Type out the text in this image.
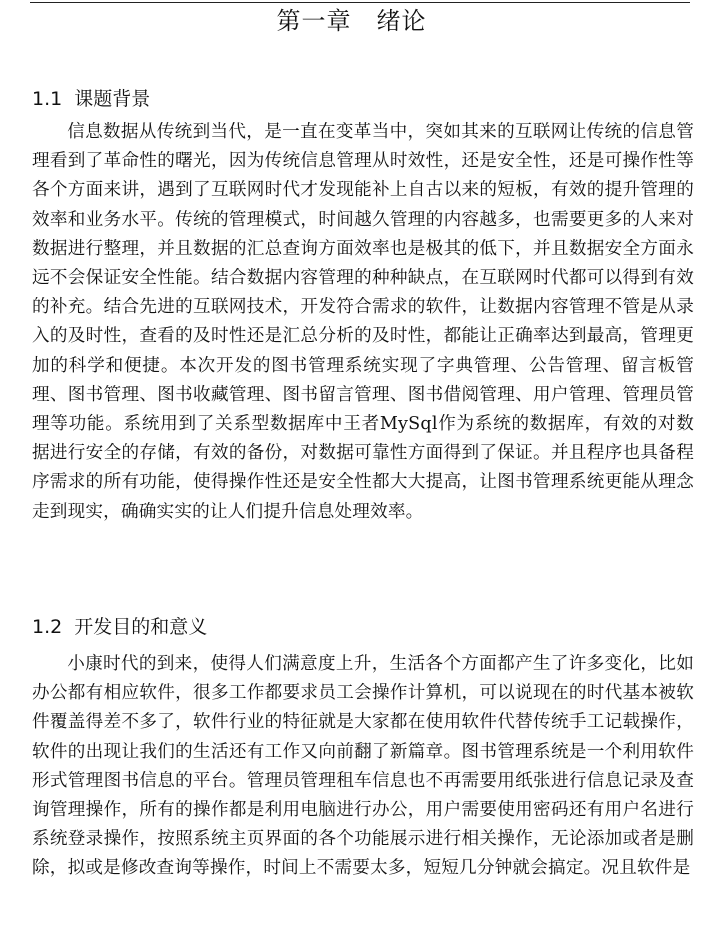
第一章　绪论
1.1  课题背景

信息数据从传统到当代，是一直在变革当中，突如其来的互联网让传统的信息管理看到了革命性的曙光，因为传统信息管理从时效性，还是安全性，还是可操作性等各个方面来讲，遇到了互联网时代才发现能补上自古以来的短板，有效的提升管理的效率和业务水平。传统的管理模式，时间越久管理的内容越多，也需要更多的人来对数据进行整理，并且数据的汇总查询方面效率也是极其的低下，并且数据安全方面永远不会保证安全性能。结合数据内容管理的种种缺点，在互联网时代都可以得到有效的补充。结合先进的互联网技术，开发符合需求的软件，让数据内容管理不管是从录入的及时性，查看的及时性还是汇总分析的及时性，都能让正确率达到最高，管理更加的科学和便捷。本次开发的图书管理系统实现了字典管理、公告管理、留言板管理、图书管理、图书收藏管理、图书留言管理、图书借阅管理、用户管理、管理员管理等功能。系统用到了关系型数据库中王者MySql作为系统的数据库，有效的对数据进行安全的存储，有效的备份，对数据可靠性方面得到了保证。并且程序也具备程序需求的所有功能，使得操作性还是安全性都大大提高，让图书管理系统更能从理念走到现实，确确实实的让人们提升信息处理效率。

1.2  开发目的和意义

小康时代的到来，使得人们满意度上升，生活各个方面都产生了许多变化，比如办公都有相应软件，很多工作都要求员工会操作计算机，可以说现在的时代基本被软件覆盖得差不多了，软件行业的特征就是大家都在使用软件代替传统手工记载操作，软件的出现让我们的生活还有工作又向前翻了新篇章。图书管理系统是一个利用软件形式管理图书信息的平台。管理员管理租车信息也不再需要用纸张进行信息记录及查询管理操作，所有的操作都是利用电脑进行办公，用户需要使用密码还有用户名进行系统登录操作，按照系统主页界面的各个功能展示进行相关操作，无论添加或者是删除，拟或是修改查询等操作，时间上不需要太多，短短几分钟就会搞定。况且软件是
